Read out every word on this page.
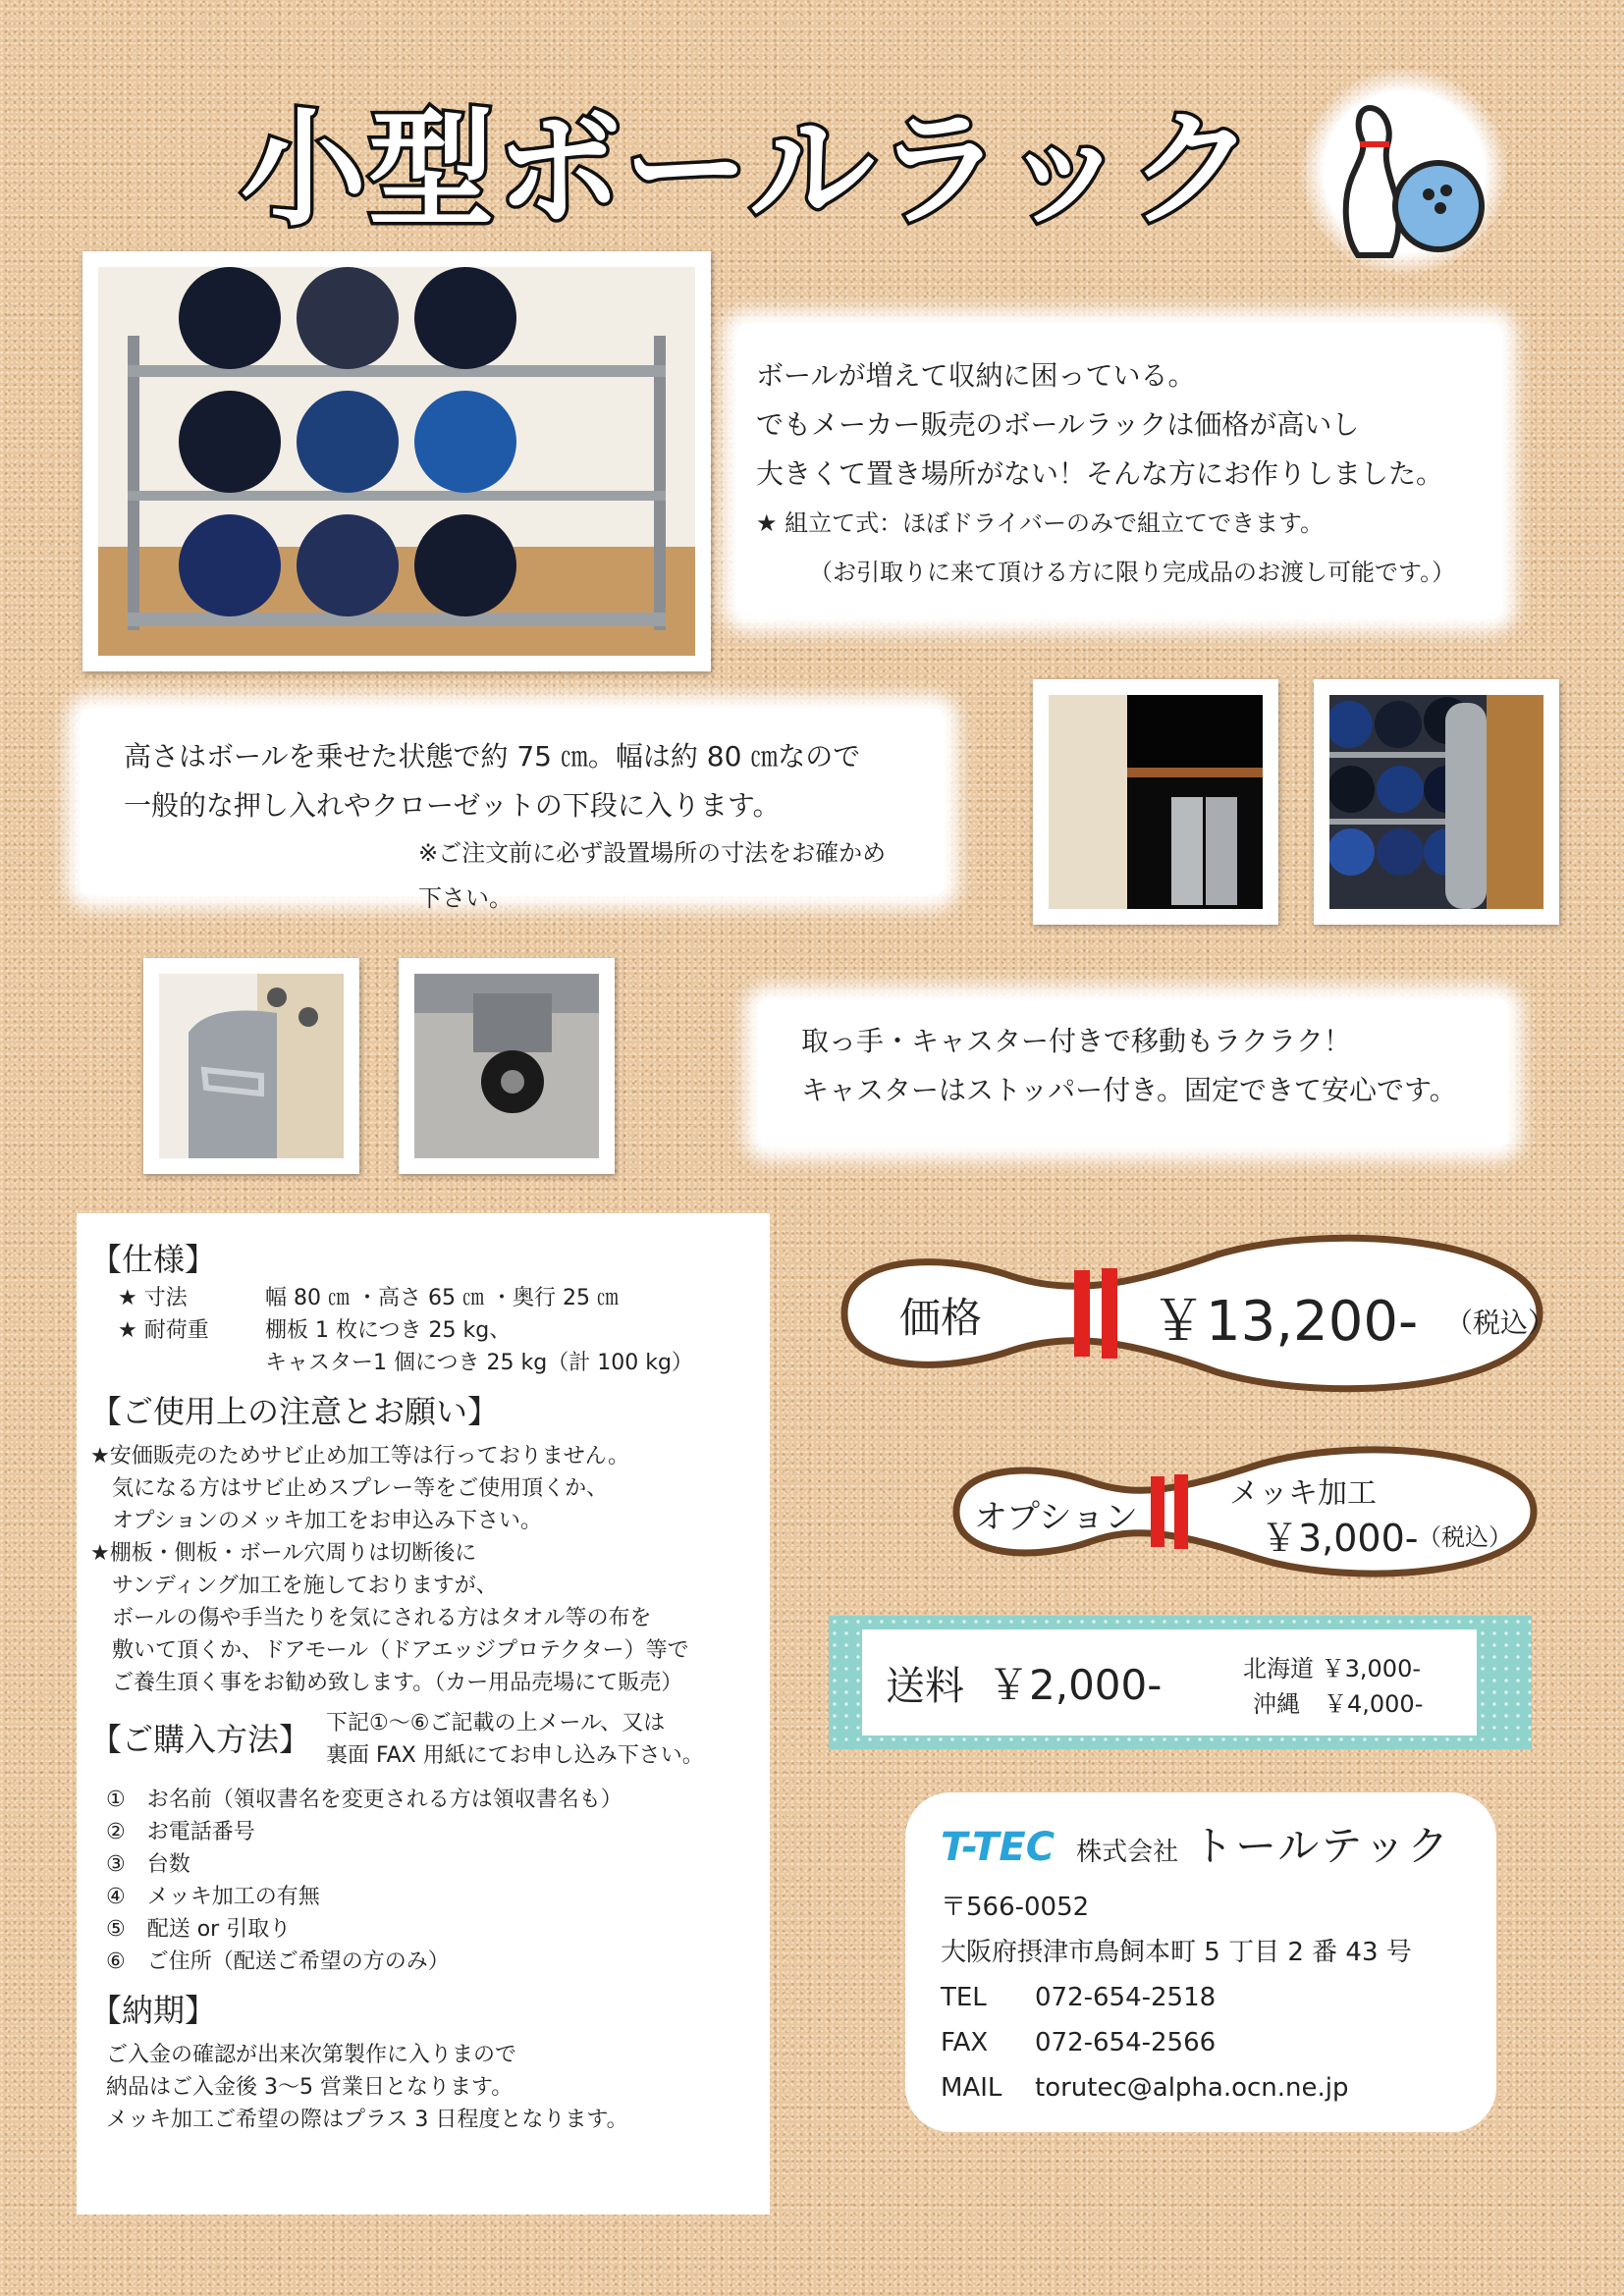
小型ボールラック
ボールが増えて収納に困っている。
でもメーカー販売のボールラックは価格が高いし
大きくて置き場所がない！そんな方にお作りしました。
★ 組立て式：ほぼドライバーのみで組立てできます。
（お引取りに来て頂ける方に限り完成品のお渡し可能です。）
高さはボールを乗せた状態で約 75 ㎝。幅は約 80 ㎝なので
一般的な押し入れやクローゼットの下段に入ります。
※ご注文前に必ず設置場所の寸法をお確かめ下さい。
取っ手・キャスター付きで移動もラクラク！
キャスターはストッパー付き。固定できて安心です。
【仕様】
★ 寸法	幅 80 ㎝ ・高さ 65 ㎝ ・奥行 25 ㎝
★ 耐荷重	棚板 1 枚につき 25 kg、
キャスター1 個につき 25 kg（計 100 kg）
【ご使用上の注意とお願い】
★安価販売のためサビ止め加工等は行っておりません。
　気になる方はサビ止めスプレー等をご使用頂くか、
　オプションのメッキ加工をお申込み下さい。
★棚板・側板・ボール穴周りは切断後に
　サンディング加工を施しておりますが、
　ボールの傷や手当たりを気にされる方はタオル等の布を
　敷いて頂くか、ドアモール（ドアエッジプロテクター）等で
　ご養生頂く事をお勧め致します。（カー用品売場にて販売）
【ご購入方法】 下記①～⑥ご記載の上メール、又は
裏面 FAX 用紙にてお申し込み下さい。
①　お名前（領収書名を変更される方は領収書名も）
②　お電話番号
③　台数
④　メッキ加工の有無
⑤　配送 or 引取り
⑥　ご住所（配送ご希望の方のみ）
【納期】
ご入金の確認が出来次第製作に入りまので
納品はご入金後 3～5 営業日となります。
メッキ加工ご希望の際はプラス 3 日程度となります。
価格	￥13,200- （税込）
オプション
メッキ加工
￥3,000- （税込）
送料 ￥2,000-	北海道 ￥3,000-
沖縄　￥4,000-
T-TEC 株式会社 トールテック
〒566-0052
大阪府摂津市鳥飼本町 5 丁目 2 番 43 号
TEL 072-654-2518
FAX 072-654-2566
MAIL torutec@alpha.ocn.ne.jp
